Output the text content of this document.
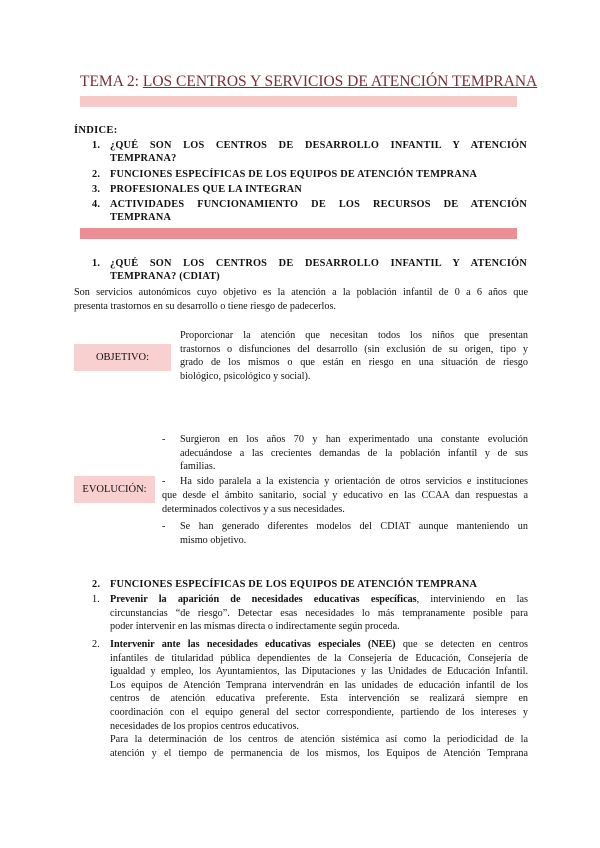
TEMA 2: LOS CENTROS Y SERVICIOS DE ATENCIÓN TEMPRANA
ÍNDICE:
1. ¿QUÉ SON LOS CENTROS DE DESARROLLO INFANTIL Y ATENCIÓN
TEMPRANA?
2. FUNCIONES ESPECÍFICAS DE LOS EQUIPOS DE ATENCIÓN TEMPRANA
3. PROFESIONALES QUE LA INTEGRAN
4. ACTIVIDADES FUNCIONAMIENTO DE LOS RECURSOS DE ATENCIÓN
TEMPRANA
1. ¿QUÉ SON LOS CENTROS DE DESARROLLO INFANTIL Y ATENCIÓN
TEMPRANA? (CDIAT)
Son servicios autonómicos cuyo objetivo es la atención a la población infantil de 0 a 6 años que
presenta trastornos en su desarrollo o tiene riesgo de padecerlos.
OBJETIVO:
Proporcionar la atención que necesitan todos los niños que presentan
trastornos o disfunciones del desarrollo (sin exclusión de su origen, tipo y
grado de los mismos o que están en riesgo en una situación de riesgo
biológico, psicológico y social).
EVOLUCIÓN:
- Surgieron en los años 70 y han experimentado una constante evolución
adecuándose a las crecientes demandas de la población infantil y de sus
familias.
- Ha sido paralela a la existencia y orientación de otros servicios e instituciones
que desde el ámbito sanitario, social y educativo en las CCAA dan respuestas a
determinados colectivos y a sus necesidades.
- Se han generado diferentes modelos del CDIAT aunque manteniendo un
mismo objetivo.
2. FUNCIONES ESPECÍFICAS DE LOS EQUIPOS DE ATENCIÓN TEMPRANA
1. Prevenir la aparición de necesidades educativas específicas, interviniendo en las
circunstancias “de riesgo”. Detectar esas necesidades lo más tempranamente posible para
poder intervenir en las mismas directa o indirectamente según proceda.
2. Intervenir ante las necesidades educativas especiales (NEE) que se detecten en centros
infantiles de titularidad pública dependientes de la Consejería de Educación, Consejería de
igualdad y empleo, los Ayuntamientos, las Diputaciones y las Unidades de Educación Infantil.
Los equipos de Atención Temprana intervendrán en las unidades de educación infantil de los
centros de atención educativa preferente. Esta intervención se realizará siempre en
coordinación con el equipo general del sector correspondiente, partiendo de los intereses y
necesidades de los propios centros educativos.
Para la determinación de los centros de atención sistémica así como la periodicidad de la
atención y el tiempo de permanencia de los mismos, los Equipos de Atención Temprana
